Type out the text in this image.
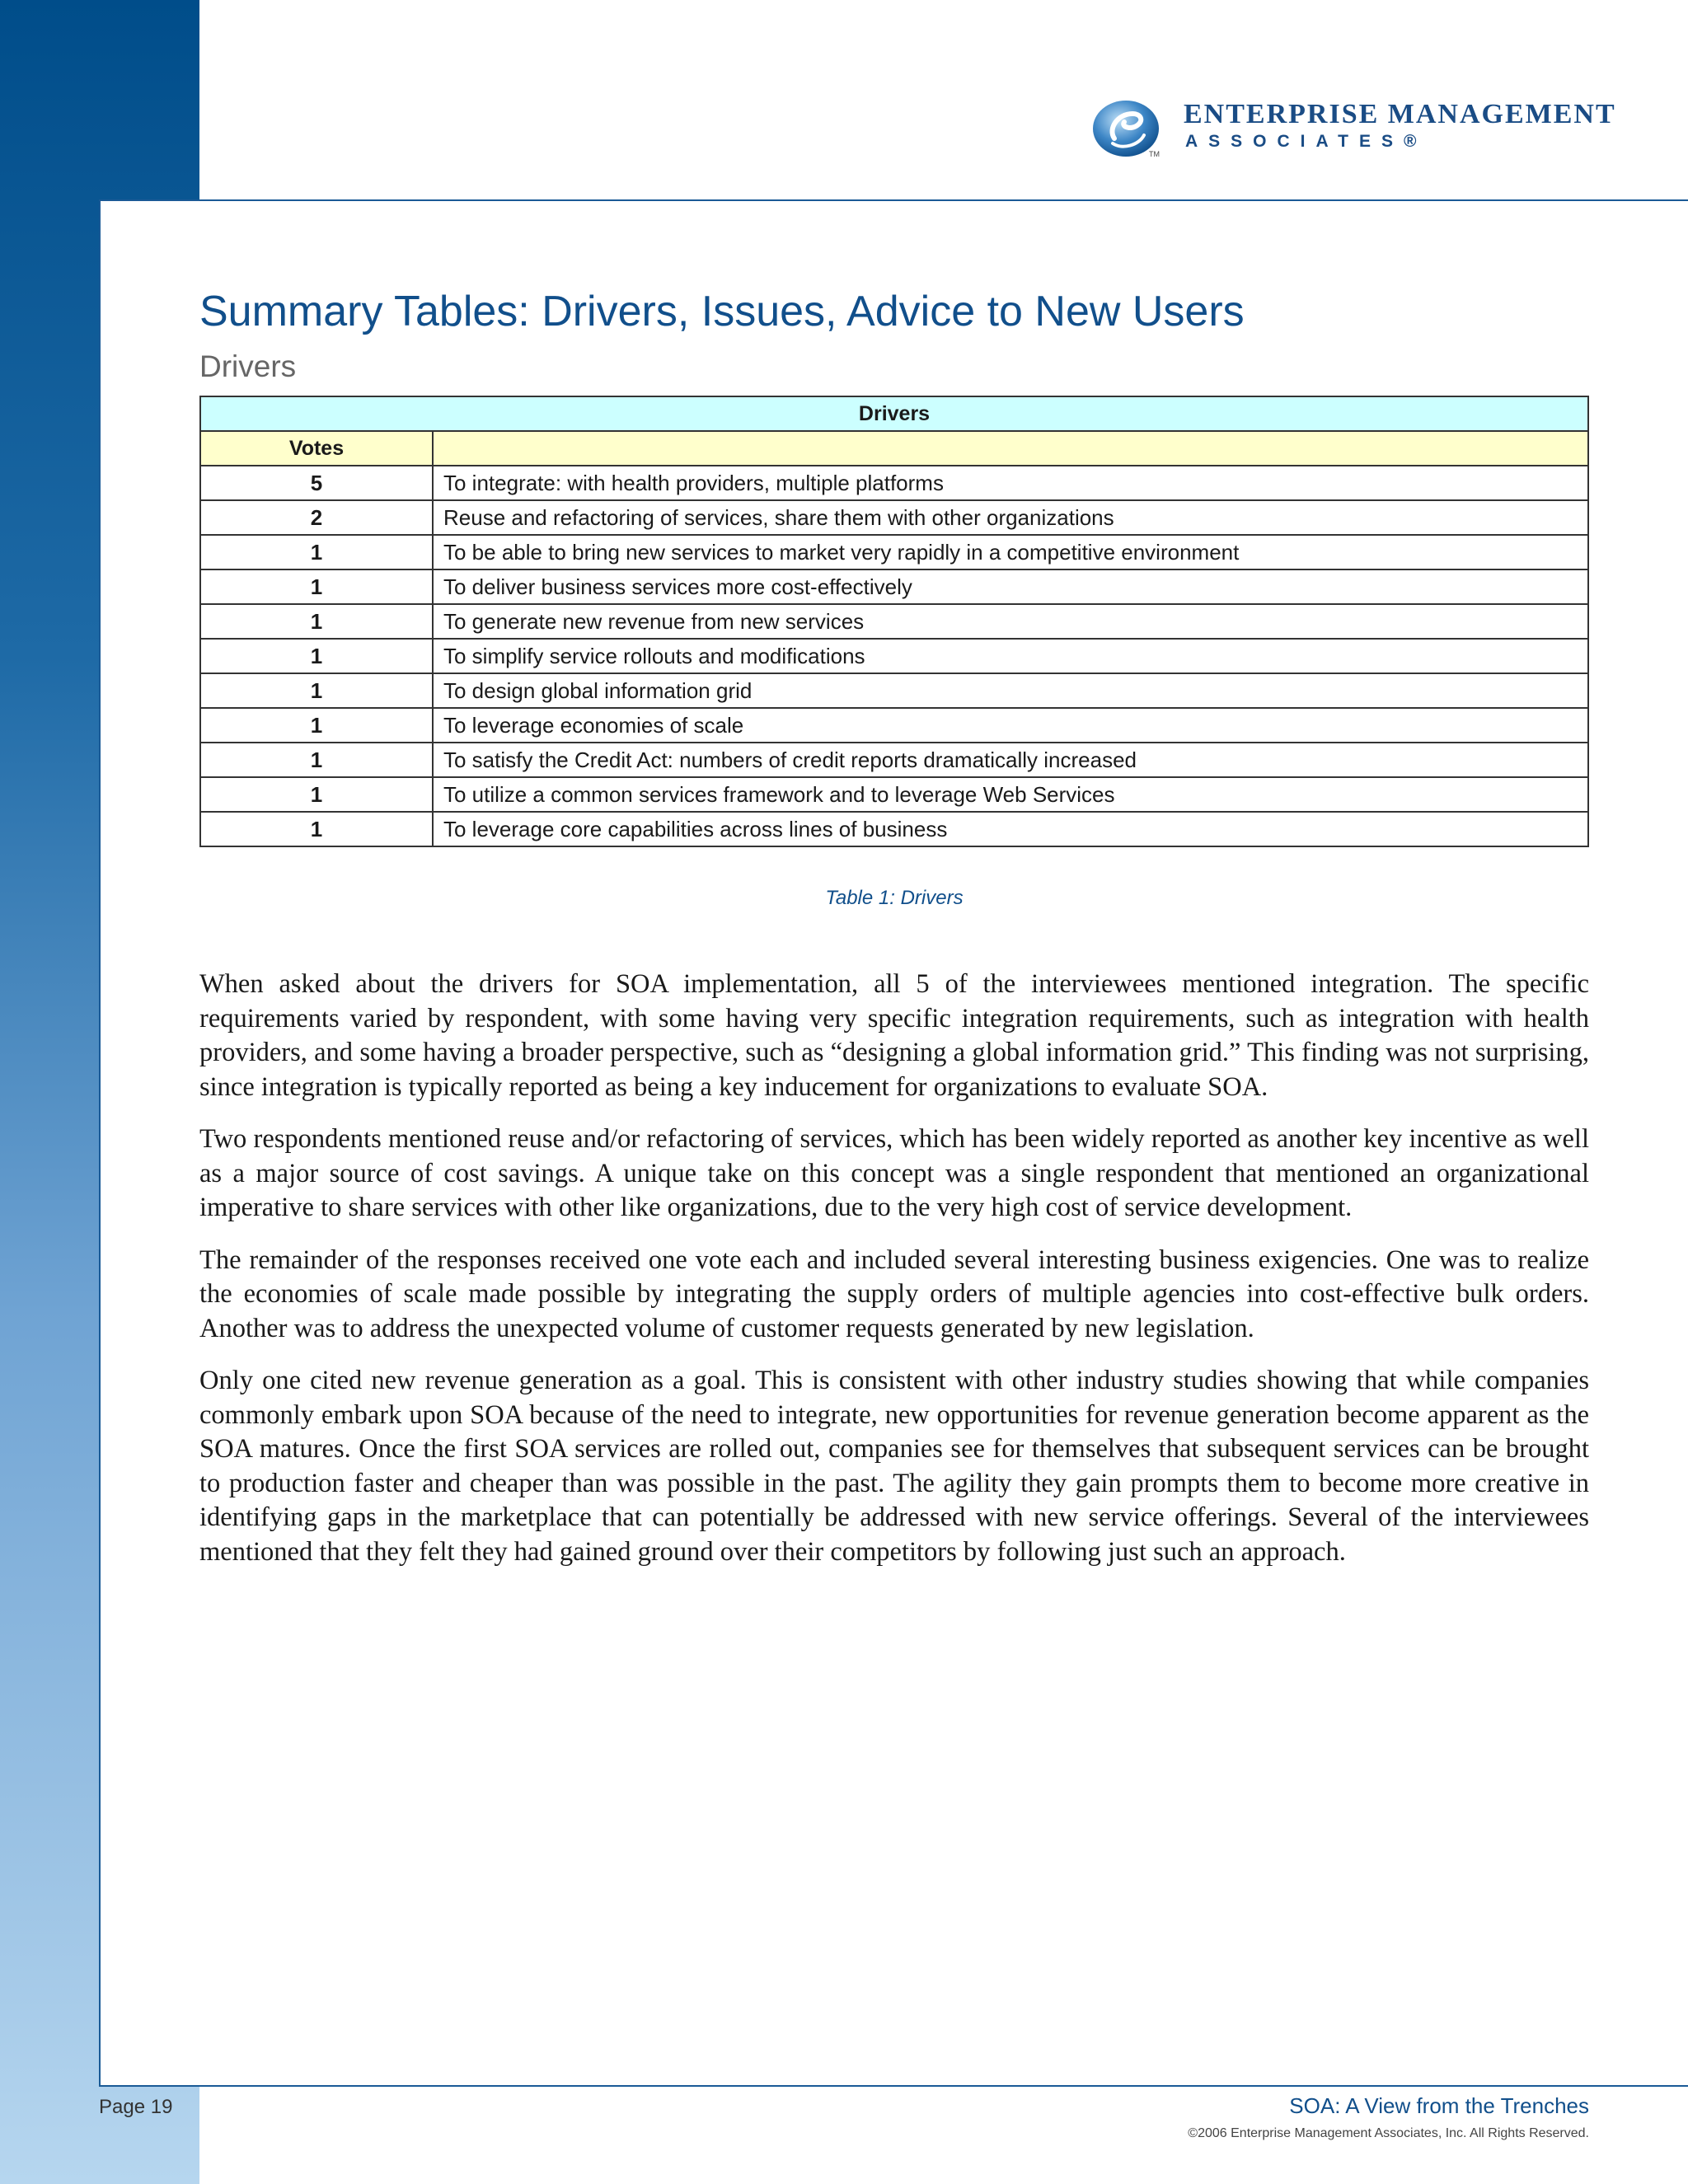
TM
ENTERPRISE MANAGEMENT
ASSOCIATES®
Summary Tables: Drivers, Issues, Advice to New Users
Drivers
Drivers	
Votes	
5	To integrate: with health providers, multiple platforms
2	Reuse and refactoring of services, share them with other organizations
1	To be able to bring new services to market very rapidly in a competitive environment
1	To deliver business services more cost-effectively
1	To generate new revenue from new services
1	To simplify service rollouts and modifications
1	To design global information grid
1	To leverage economies of scale
1	To satisfy the Credit Act: numbers of credit reports dramatically increased
1	To utilize a common services framework and to leverage Web Services
1	To leverage core capabilities across lines of business
Table 1: Drivers

When asked about the drivers for SOA implementation, all 5 of the interviewees mentioned integration. The specific requirements varied by respondent, with some having very specific integration requirements, such as integration with health providers, and some having a broader perspective, such as “designing a global information grid.” This finding was not surprising, since integration is typically reported as being a key inducement for organizations to evaluate SOA.

Two respondents mentioned reuse and/or refactoring of services, which has been widely reported as another key incentive as well as a major source of cost savings. A unique take on this concept was a single respondent that mentioned an organizational imperative to share services with other like organizations, due to the very high cost of service development.

The remainder of the responses received one vote each and included several interesting business exigencies. One was to realize the economies of scale made possible by integrating the supply orders of multiple agencies into cost-effective bulk orders. Another was to address the unexpected volume of customer requests generated by new legislation.

Only one cited new revenue generation as a goal. This is consistent with other industry studies showing that while companies commonly embark upon SOA because of the need to integrate, new opportunities for revenue generation become apparent as the SOA matures. Once the first SOA services are rolled out, companies see for themselves that subsequent services can be brought to production faster and cheaper than was possible in the past. The agility they gain prompts them to become more creative in identifying gaps in the marketplace that can potentially be addressed with new service offerings. Several of the interviewees mentioned that they felt they had gained ground over their competitors by following just such an approach.

Page 19	SOA: A View from the Trenches
©2006 Enterprise Management Associates, Inc. All Rights Reserved.
